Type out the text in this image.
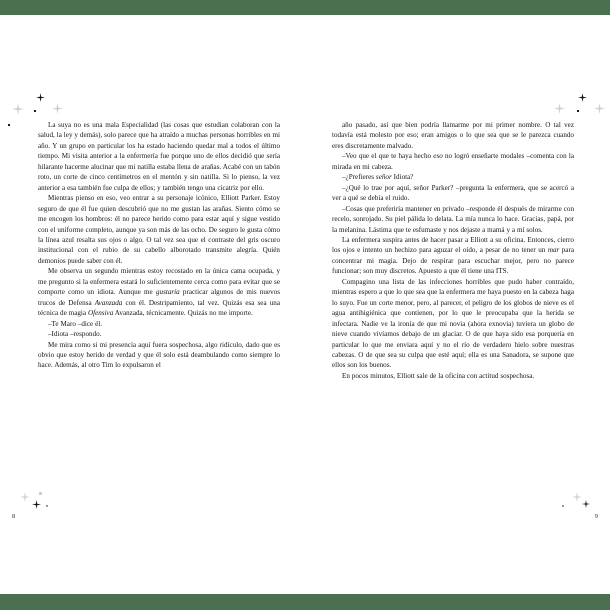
La suya no es una mala Especialidad (las cosas que estudian colaboran con la salud, la ley y demás), solo parece que ha atraído a muchas personas horribles en mi año. Y un grupo en particular los ha estado haciendo quedar mal a todos el último tiempo. Mi visita anterior a la enfermería fue porque uno de ellos decidió que sería hilarante hacerme alucinar que mi natilla estaba llena de arañas. Acabé con un tabón roto, un corte de cinco centímetros en el mentón y sin natilla. Si lo pienso, la vez anterior a esa también fue culpa de ellos; y también tengo una cicatriz por ello.

Mientras pienso en eso, veo entrar a su personaje icónico, Elliott Parker. Estoy seguro de que él fue quien descubrió que no me gustan las arañas. Siento cómo se me encogen los hombros: él no parece herido como para estar aquí y sigue vestido con el uniforme completo, aunque ya son más de las ocho. De seguro le gusta cómo la línea azul resalta sus ojos o algo. O tal vez sea que el contraste del gris oscuro institucional con el rubio de su cabello alborotado transmite alegría. Quién demonios puede saber con él.

Me observa un segundo mientras estoy recostado en la única cama ocupada, y me pregunto si la enfermera estará lo suficientemente cerca como para evitar que se comporte como un idiota. Aunque me gustaría practicar algunos de mis nuevos trucos de Defensa Avanzada con él. Destripamiento, tal vez. Quizás esa sea una técnica de magia Ofensiva Avanzada, técnicamente. Quizás no me importe.

–Te Maro –dice él.

–Idiota –respondo.

Me mira como si mi presencia aquí fuera sospechosa, algo ridículo, dado que es obvio que estoy herido de verdad y que él solo está deambulando como siempre lo hace. Además, al otro Tim lo expulsaron el

8

año pasado, así que bien podría llamarme por mi primer nombre. O tal vez todavía está molesto por eso; eran amigos o lo que sea que se le parezca cuando eres discretamente malvado.

–Veo que el que te haya hecho eso no logró enseñarte modales –comenta con la mirada en mi cabeza.

–¿Prefieres señor Idiota?

–¿Qué lo trae por aquí, señor Parker? –pregunta la enfermera, que se acercó a ver a qué se debía el ruido.

–Cosas que preferiría mantener en privado –responde él después de mirarme con recelo, sonrojado. Su piel pálida lo delata. La mía nunca lo hace. Gracias, papá, por la melanina. Lástima que te esfumaste y nos dejaste a mamá y a mí solos.

La enfermera suspira antes de hacer pasar a Elliott a su oficina. Entonces, cierro los ojos e intento un hechizo para aguzar el oído, a pesar de no tener un mar para concentrar mi magia. Dejo de respirar para escuchar mejor, pero no parece funcionar; son muy discretos. Apuesto a que él tiene una ITS.

Compagino una lista de las infecciones horribles que pudo haber contraído, mientras espero a que lo que sea que la enfermera me haya puesto en la cabeza haga lo suyo. Fue un corte menor, pero, al parecer, el peligro de los globos de nieve es el agua antihigiénica que contienen, por lo que le preocupaba que la herida se infectara. Nadie ve la ironía de que mi novia (ahora exnovia) tuviera un globo de nieve cuando vivíamos debajo de un glaciar. O de que haya sido esa porquería en particular lo que me enviara aquí y no el río de verdadero hielo sobre nuestras cabezas. O de que sea su culpa que esté aquí; ella es una Sanadora, se supone que ellos son los buenos.

En pocos minutos, Elliott sale de la oficina con actitud sospechosa.

9
